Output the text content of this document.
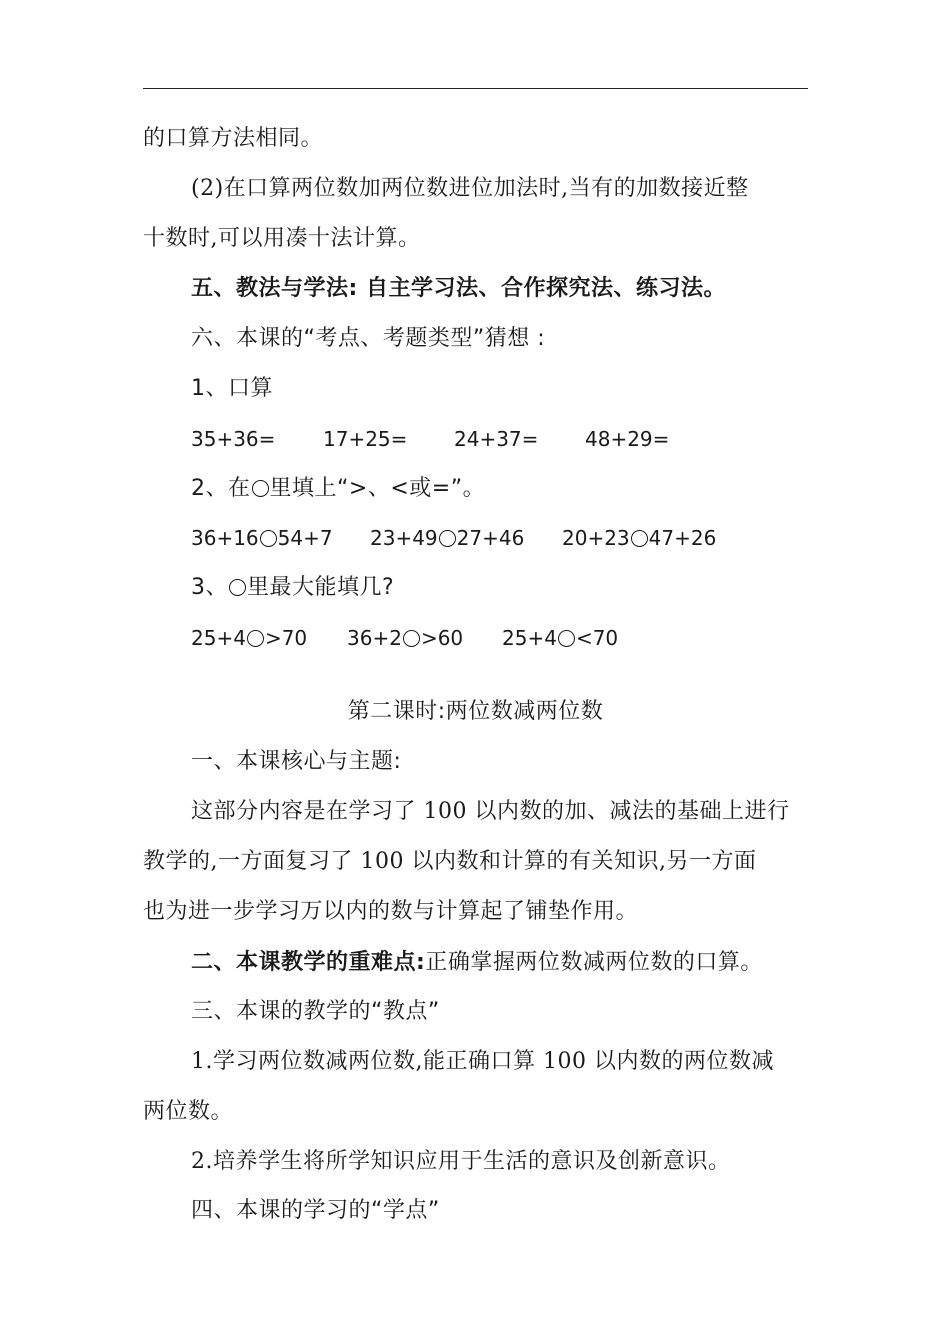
的口算方法相同。
(2)在口算两位数加两位数进位加法时,当有的加数接近整
十数时,可以用凑十法计算。
五、教法与学法: 自主学习法、合作探究法、练习法。
六、本课的“考点、考题类型”猜想 :
1、口算
35+36= 17+25= 24+37= 48+29=
2、在 里填上“>、<或=”。
36+16 54+7 23+49 27+46 20+23 47+26
3、 里最大能填几?
25+4 >70 36+2 >60 25+4 <70
第二课时:两位数减两位数
一、本课核心与主题:
这部分内容是在学习了 100 以内数的加、减法的基础上进行
教学的,一方面复习了 100 以内数和计算的有关知识,另一方面
也为进一步学习万以内的数与计算起了铺垫作用。
二、本课教学的重难点:正确掌握两位数减两位数的口算。
三、本课的教学的“教点”
1.学习两位数减两位数,能正确口算 100 以内数的两位数减
两位数。
2.培养学生将所学知识应用于生活的意识及创新意识。
四、本课的学习的“学点”
